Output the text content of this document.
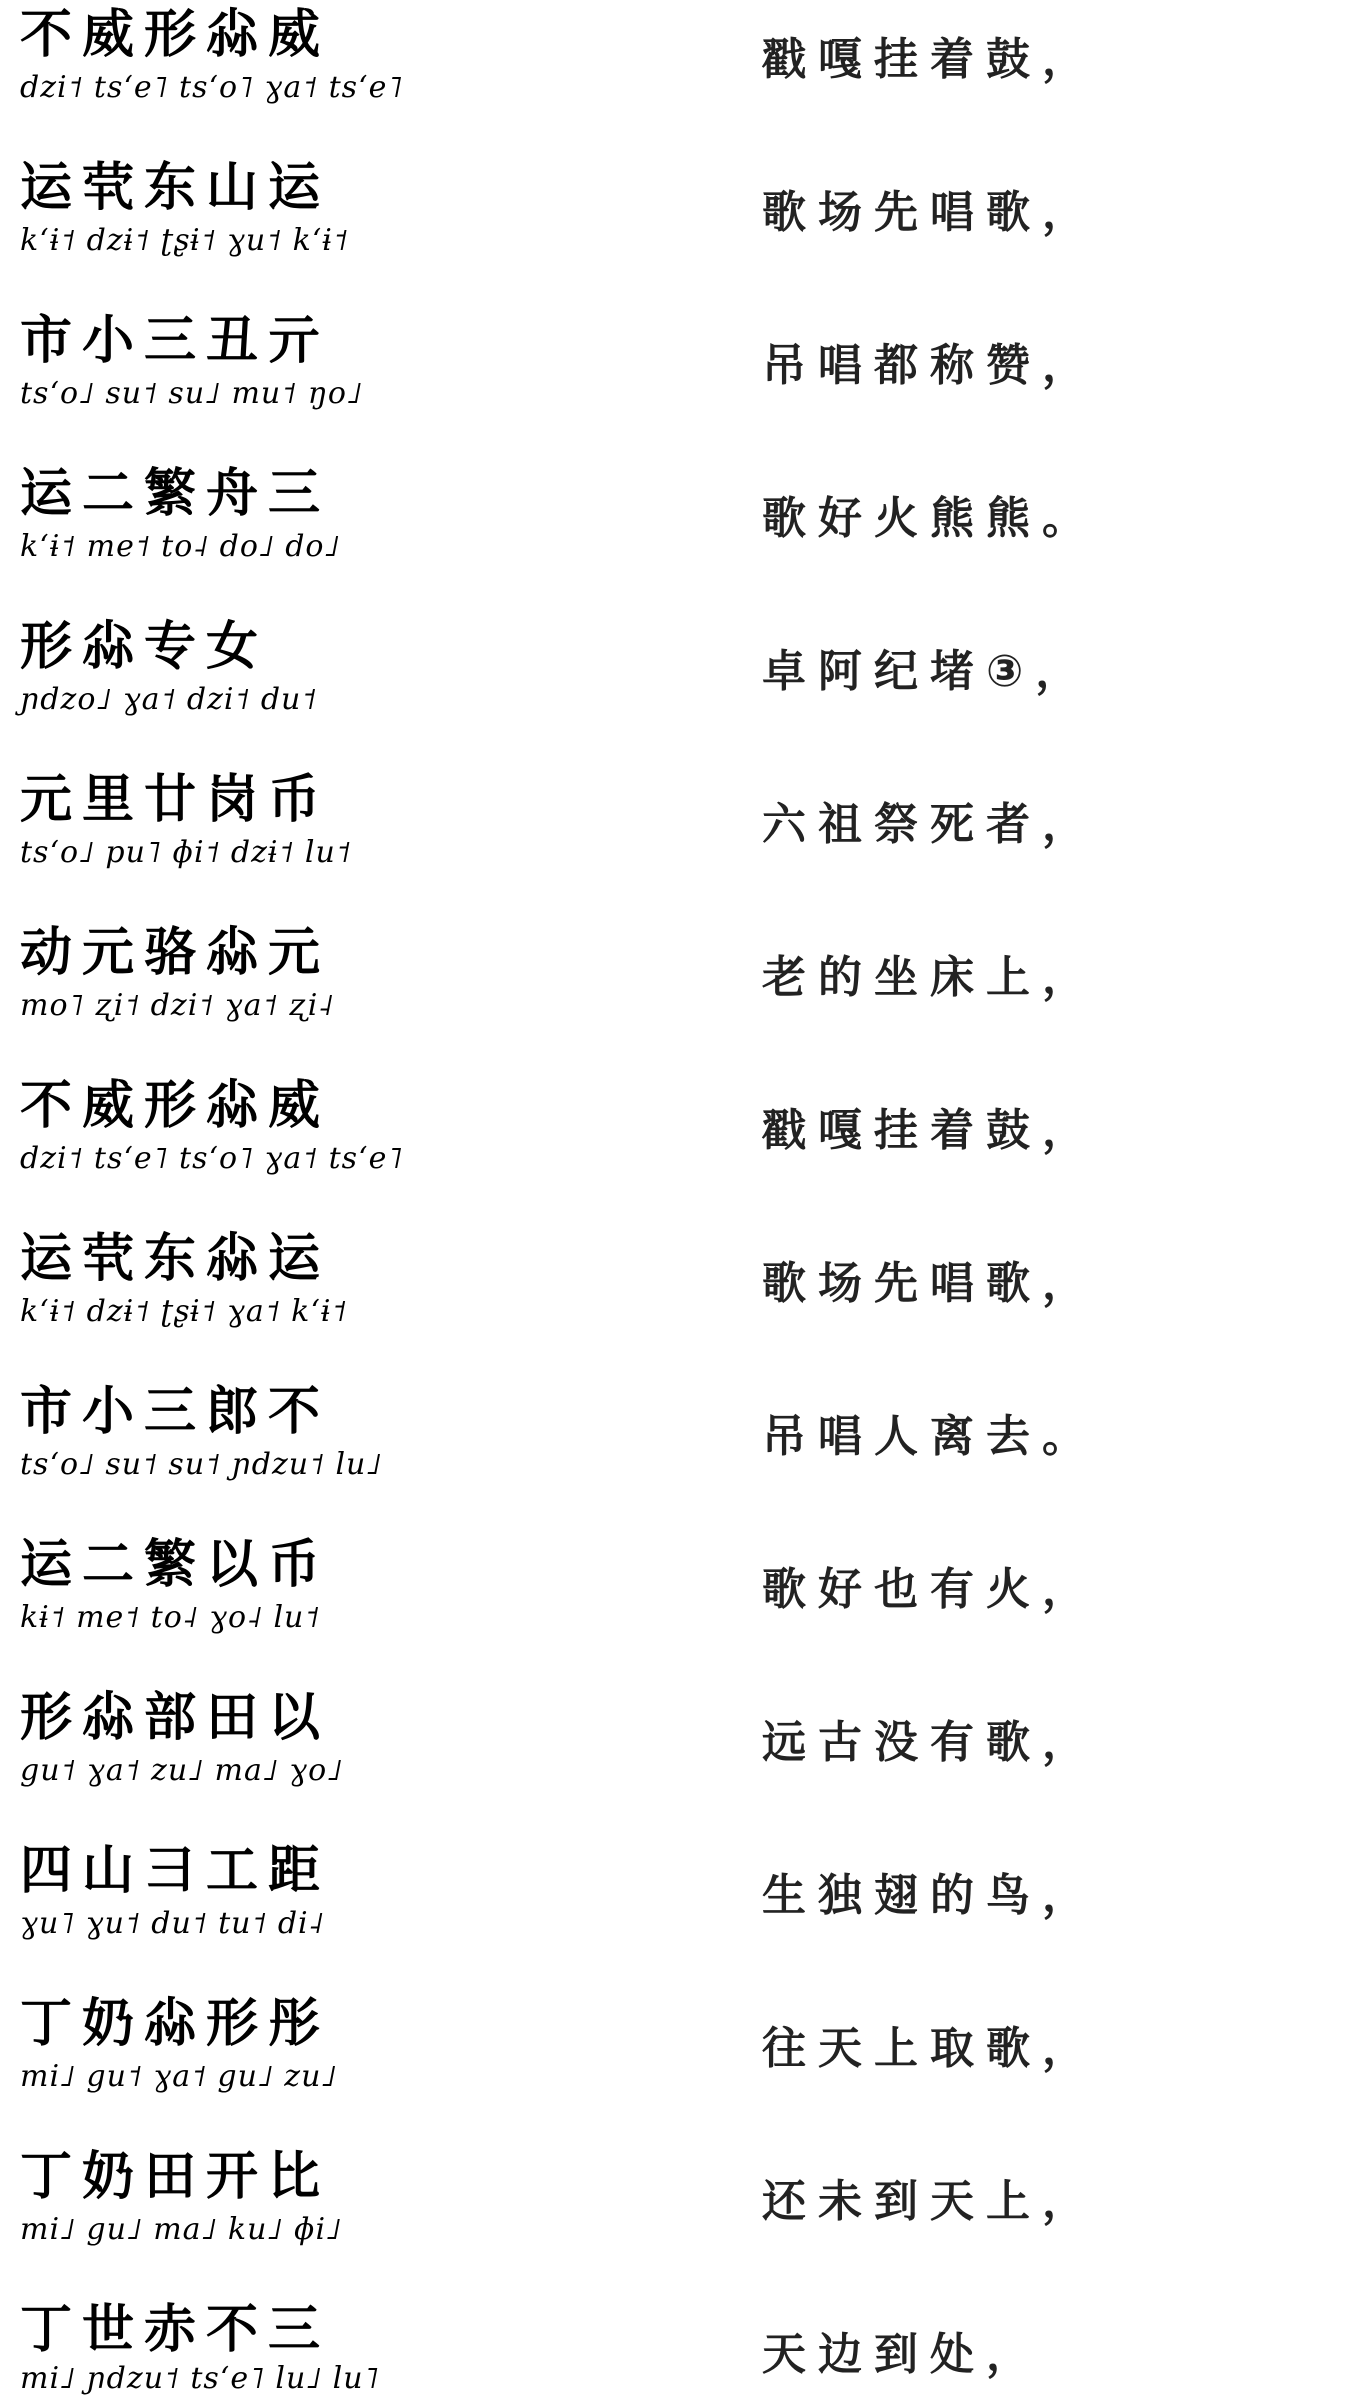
不威形尛威
dzi˦ tsʻe˥ tsʻo˥ ɣa˦ tsʻe˥
戳嘎挂着鼓，
运茕东山运
kʻɨ˦ dzɨ˦ ʈʂɨ˦ ɣu˦ kʻɨ˦
歌场先唱歌，
市小三丑亓
tsʻo˩ su˦ su˩ mu˦ ŋo˩
吊唱都称赞，
运二繁舟三
kʻɨ˦ me˦ to˨ do˩ do˩
歌好火熊熊。
形尛专女
ɲdzo˩ ɣa˦ dzi˦ du˦
卓阿纪堵③，
元里廿岗币
tsʻo˩ pu˥ ɸi˦ dzɨ˦ lu˦
六祖祭死者，
动元骆尛元
mo˥ ʐi˦ dzi˦ ɣa˦ ʐi˨
老的坐床上，
不威形尛威
dzi˦ tsʻe˥ tsʻo˥ ɣa˦ tsʻe˥
戳嘎挂着鼓，
运茕东尛运
kʻɨ˦ dzɨ˦ ʈʂɨ˦ ɣa˦ kʻɨ˦
歌场先唱歌，
市小三郎不
tsʻo˩ su˦ su˦ ɲdzu˦ lu˩
吊唱人离去。
运二繁以币
kɨ˦ me˦ to˨ ɣo˨ lu˦
歌好也有火，
形尛部田以
gu˦ ɣa˦ zu˩ ma˩ ɣo˩
远古没有歌，
四山彐工距
ɣu˥ ɣu˦ du˦ tu˦ di˨
生独翅的鸟，
丁奶尛形彤
mi˩ gu˦ ɣa˦ gu˩ zu˩
往天上取歌，
丁奶田开比
mi˩ gu˩ ma˩ ku˩ ɸi˩
还未到天上，
丁世赤不三
mi˩ ɲdzu˦ tsʻe˥ lu˩ lu˥	天边到处，
